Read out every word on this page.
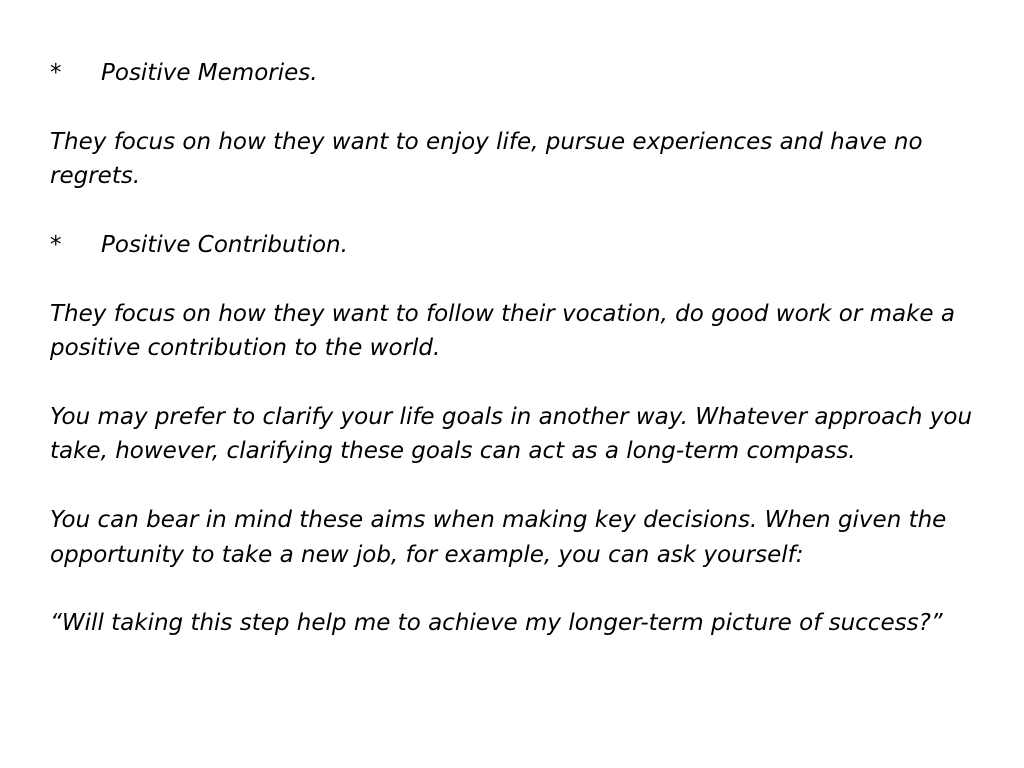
*	Positive Memories.

They focus on how they want to enjoy life, pursue experiences and have no regrets.

*	Positive Contribution.

They focus on how they want to follow their vocation, do good work or make a positive contribution to the world.

You may prefer to clarify your life goals in another way. Whatever approach you take, however, clarifying these goals can act as a long-term compass.

You can bear in mind these aims when making key decisions. When given the opportunity to take a new job, for example, you can ask yourself:

“Will taking this step help me to achieve my longer-term picture of success?”
